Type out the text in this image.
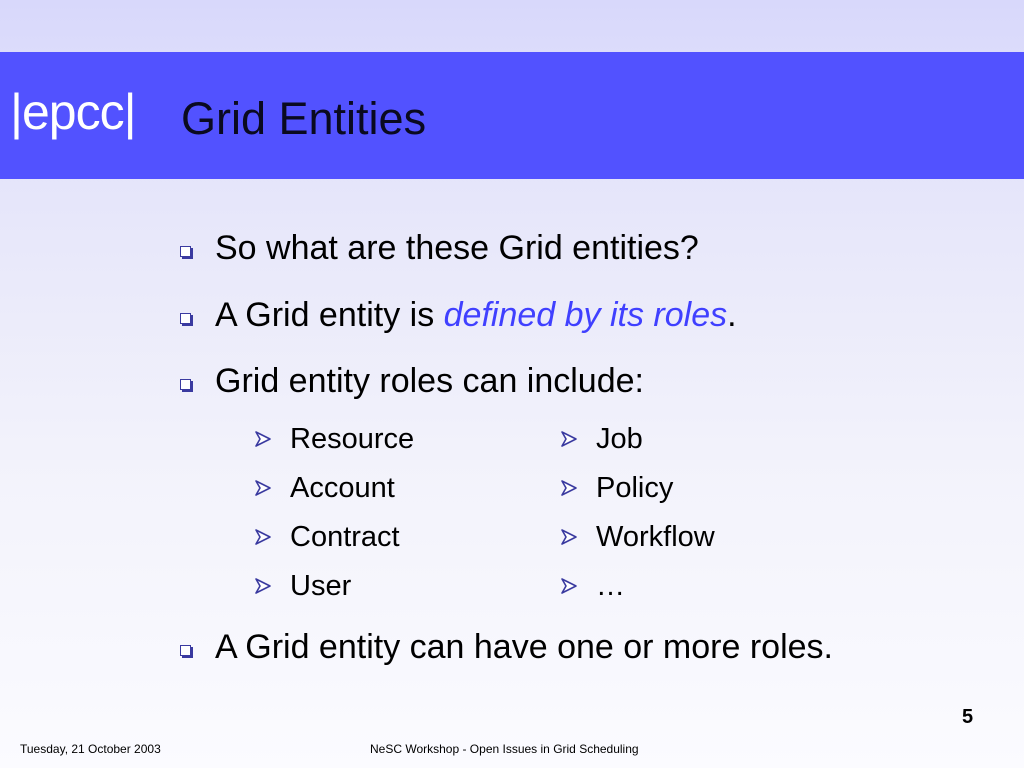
|epcc| Grid Entities
So what are these Grid entities?
A Grid entity is defined by its roles.
Grid entity roles can include:
Resource
Account
Contract
User
Job
Policy
Workflow
…
A Grid entity can have one or more roles.
5
Tuesday, 21 October 2003	NeSC Workshop - Open Issues in Grid Scheduling
